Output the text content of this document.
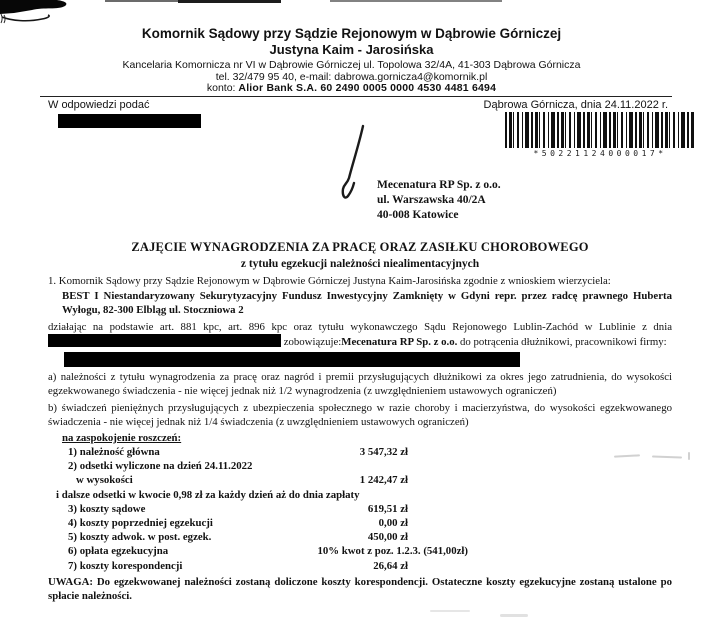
Komornik Sądowy przy Sądzie Rejonowym w Dąbrowie Górniczej
Justyna Kaim - Jarosińska
Kancelaria Komornicza nr VI w Dąbrowie Górniczej ul. Topolowa 32/4A, 41-303 Dąbrowa Górnicza
tel. 32/479 95 40, e-mail: dabrowa.gornicza4@komornik.pl
konto: Alior Bank S.A. 60 2490 0005 0000 4530 4481 6494
W odpowiedzi podać	Dąbrowa Górnicza, dnia 24.11.2022 r.
*50221124000017*
Mecenatura RP Sp. z o.o.
ul. Warszawska 40/2A
40-008 Katowice
ZAJĘCIE WYNAGRODZENIA ZA PRACĘ ORAZ ZASIŁKU CHOROBOWEGO
z tytułu egzekucji należności niealimentacyjnych
1. Komornik Sądowy przy Sądzie Rejonowym w Dąbrowie Górniczej Justyna Kaim-Jarosińska zgodnie z wnioskiem wierzyciela:
BEST I Niestandaryzowany Sekurytyzacyjny Fundusz Inwestycyjny Zamknięty w Gdyni repr. przez radcę prawnego Huberta Wyłogu, 82-300 Elbląg ul. Stoczniowa 2
działając na podstawie art. 881 kpc, art. 896 kpc oraz tytułu wykonawczego Sądu Rejonowego Lublin-Zachód w Lublinie z dnia  zobowiązuje:Mecenatura RP Sp. z o.o. do potrącenia dłużnikowi, pracownikowi firmy:
a) należności z tytułu wynagrodzenia za pracę oraz nagród i premii przysługujących dłużnikowi za okres jego zatrudnienia, do wysokości egzekwowanego świadczenia - nie więcej jednak niż 1/2 wynagrodzenia (z uwzględnieniem ustawowych ograniczeń)
b) świadczeń pieniężnych przysługujących z ubezpieczenia społecznego w razie choroby i macierzyństwa, do wysokości egzekwowanego świadczenia - nie więcej jednak niż 1/4 świadczenia (z uwzględnieniem ustawowych ograniczeń)
na zaspokojenie roszczeń:
1) należność główna	3 547,32 zł
2) odsetki wyliczone na dzień 24.11.2022
w wysokości	1 242,47 zł
i dalsze odsetki w kwocie 0,98 zł za każdy dzień aż do dnia zapłaty
3) koszty sądowe	619,51 zł
4) koszty poprzedniej egzekucji	0,00 zł
5) koszty adwok. w post. egzek.	450,00 zł
6) opłata egzekucyjna	10% kwot z poz. 1.2.3. (541,00zł)
7) koszty korespondencji	26,64 zł
UWAGA: Do egzekwowanej należności zostaną doliczone koszty korespondencji. Ostateczne koszty egzekucyjne zostaną ustalone po spłacie należności.
